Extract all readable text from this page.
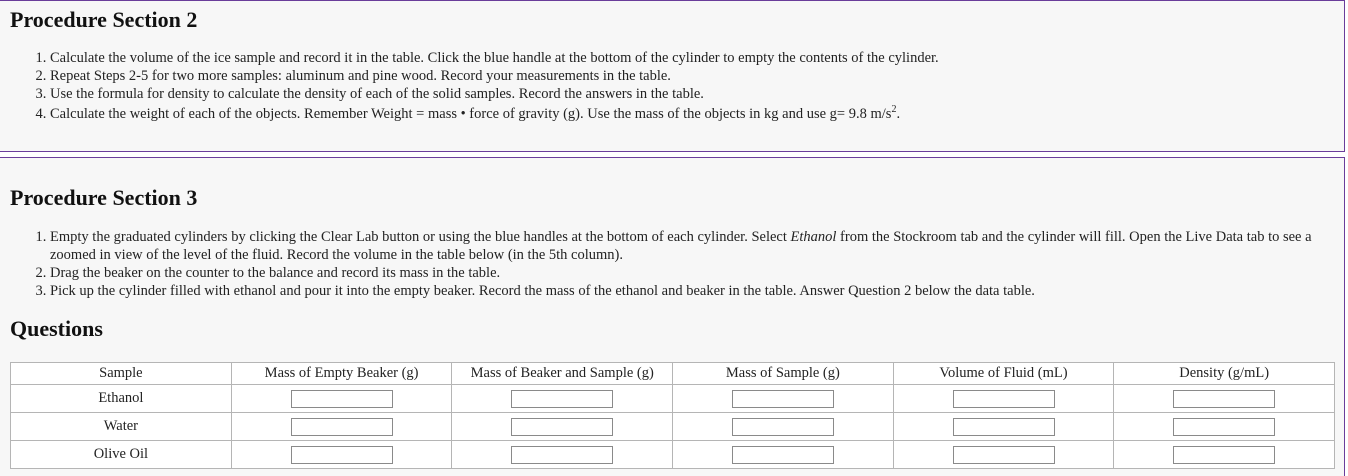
Procedure Section 2
1. Calculate the volume of the ice sample and record it in the table. Click the blue handle at the bottom of the cylinder to empty the contents of the cylinder.
2. Repeat Steps 2-5 for two more samples: aluminum and pine wood. Record your measurements in the table.
3. Use the formula for density to calculate the density of each of the solid samples. Record the answers in the table.
4. Calculate the weight of each of the objects. Remember Weight = mass • force of gravity (g). Use the mass of the objects in kg and use g= 9.8 $m/s^2$.
Procedure Section 3
1. Empty the graduated cylinders by clicking the Clear Lab button or using the blue handles at the bottom of each cylinder. Select Ethanol from the Stockroom tab and the cylinder will fill. Open the Live Data tab to see a zoomed in view of the level of the fluid. Record the volume in the table below (in the 5th column).
2. Drag the beaker on the counter to the balance and record its mass in the table.
3. Pick up the cylinder filled with ethanol and pour it into the empty beaker. Record the mass of the ethanol and beaker in the table. Answer Question 2 below the data table.
Questions
Sample	Mass of Empty Beaker (g)	Mass of Beaker and Sample (g)	Mass of Sample (g)	Volume of Fluid (mL)	Density (g/mL)
Ethanol					
Water					
Olive Oil					
